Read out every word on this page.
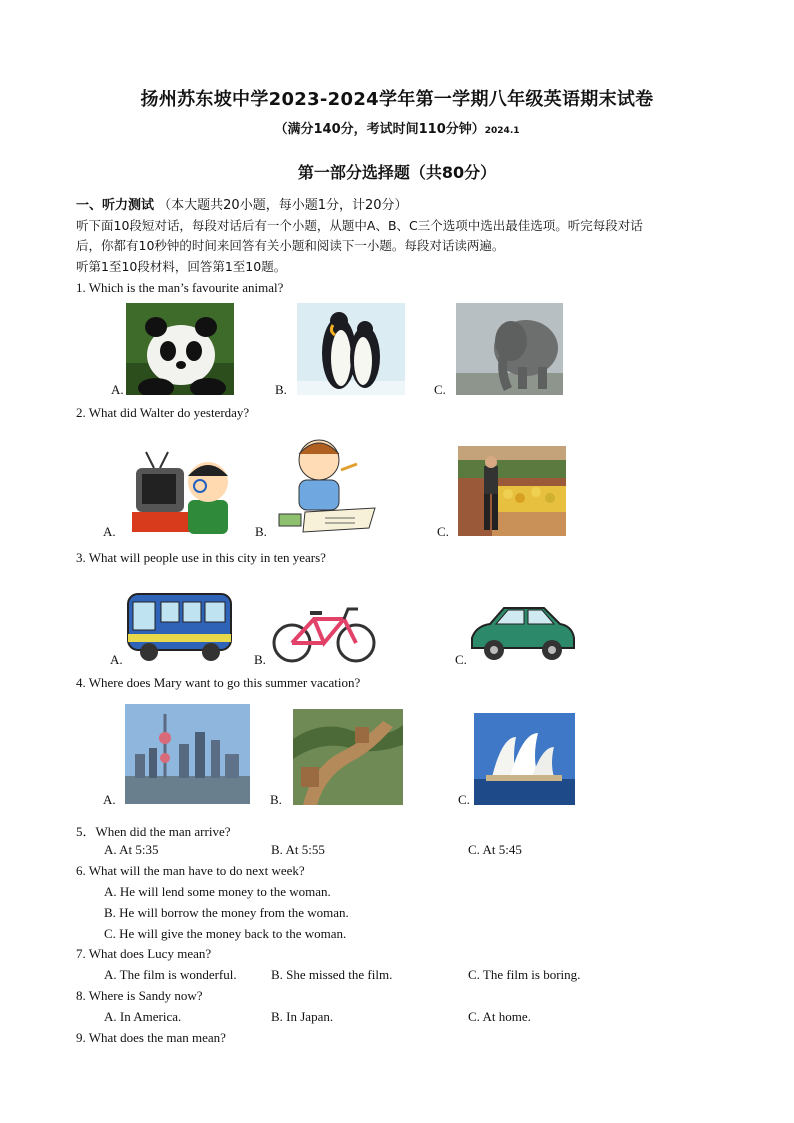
扬州苏东坡中学2023-2024学年第一学期八年级英语期末试卷
（满分140分，考试时间110分钟）2024.1
第一部分选择题（共80分）
一、听力测试 （本大题共20小题，每小题1分，计20分）
听下面10段短对话，每段对话后有一个小题，从题中A、B、C三个选项中选出最佳选项。听完每段对话
后，你都有10秒钟的时间来回答有关小题和阅读下一小题。每段对话读两遍。
听第1至10段材料，回答第1至10题。
1. Which is the man’s favourite animal?
A.	B.	C.
2. What did Walter do yesterday?
A.	B.	C.
3. What will people use in this city in ten years?
A.	B.	C.
4. Where does Mary want to go this summer vacation?
A.	B.	C.
5．When did the man arrive?
A. At 5:35	B. At 5:55	C. At 5:45
6. What will the man have to do next week?
A. He will lend some money to the woman.
B. He will borrow the money from the woman.
C. He will give the money back to the woman.
7. What does Lucy mean?
A. The film is wonderful.	B. She missed the film.	C. The film is boring.
8. Where is Sandy now?
A. In America.	B. In Japan.	C. At home.
9. What does the man mean?
